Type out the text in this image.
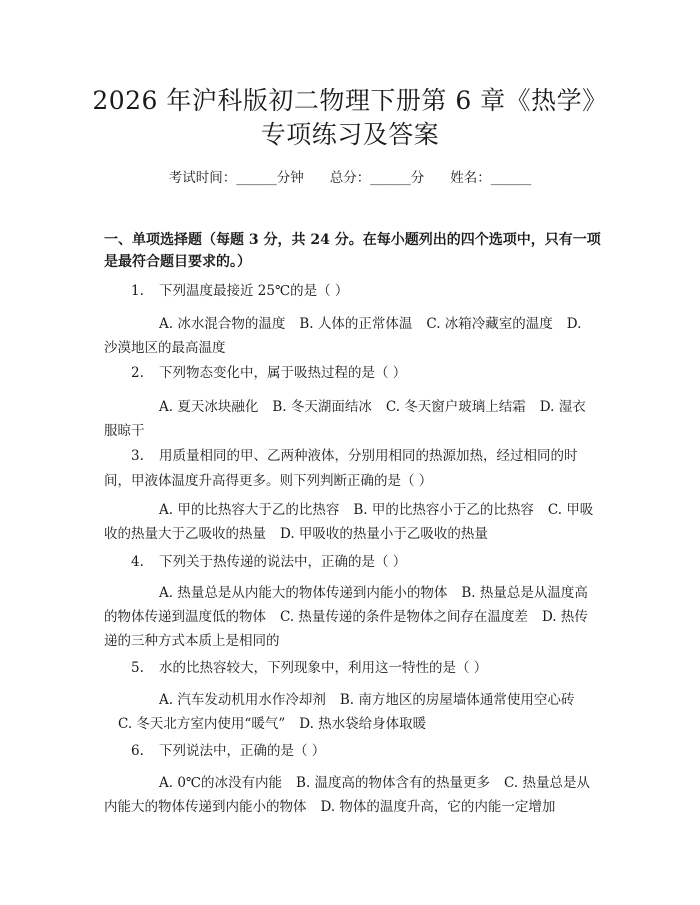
2026 年沪科版初二物理下册第 6 章《热学》
专项练习及答案
考试时间：______分钟 总分：______分 姓名：______
一、单项选择题（每题 3 分，共 24 分。在每小题列出的四个选项中，只有一项是最符合题目要求的。）
1. 下列温度最接近 25℃的是（ ）
A. 冰水混合物的温度 B. 人体的正常体温 C. 冰箱冷藏室的温度 D. 沙漠地区的最高温度
2. 下列物态变化中，属于吸热过程的是（ ）
A. 夏天冰块融化 B. 冬天湖面结冰 C. 冬天窗户玻璃上结霜 D. 湿衣服晾干
3. 用质量相同的甲、乙两种液体，分别用相同的热源加热，经过相同的时间，甲液体温度升高得更多。则下列判断正确的是（ ）
A. 甲的比热容大于乙的比热容 B. 甲的比热容小于乙的比热容 C. 甲吸收的热量大于乙吸收的热量 D. 甲吸收的热量小于乙吸收的热量
4. 下列关于热传递的说法中，正确的是（ ）
A. 热量总是从内能大的物体传递到内能小的物体 B. 热量总是从温度高的物体传递到温度低的物体 C. 热量传递的条件是物体之间存在温度差 D. 热传递的三种方式本质上是相同的
5. 水的比热容较大，下列现象中，利用这一特性的是（ ）
A. 汽车发动机用水作冷却剂 B. 南方地区的房屋墙体通常使用空心砖C. 冬天北方室内使用“暖气” D. 热水袋给身体取暖
6. 下列说法中，正确的是（ ）
A. 0℃的冰没有内能 B. 温度高的物体含有的热量更多 C. 热量总是从内能大的物体传递到内能小的物体 D. 物体的温度升高，它的内能一定增加
